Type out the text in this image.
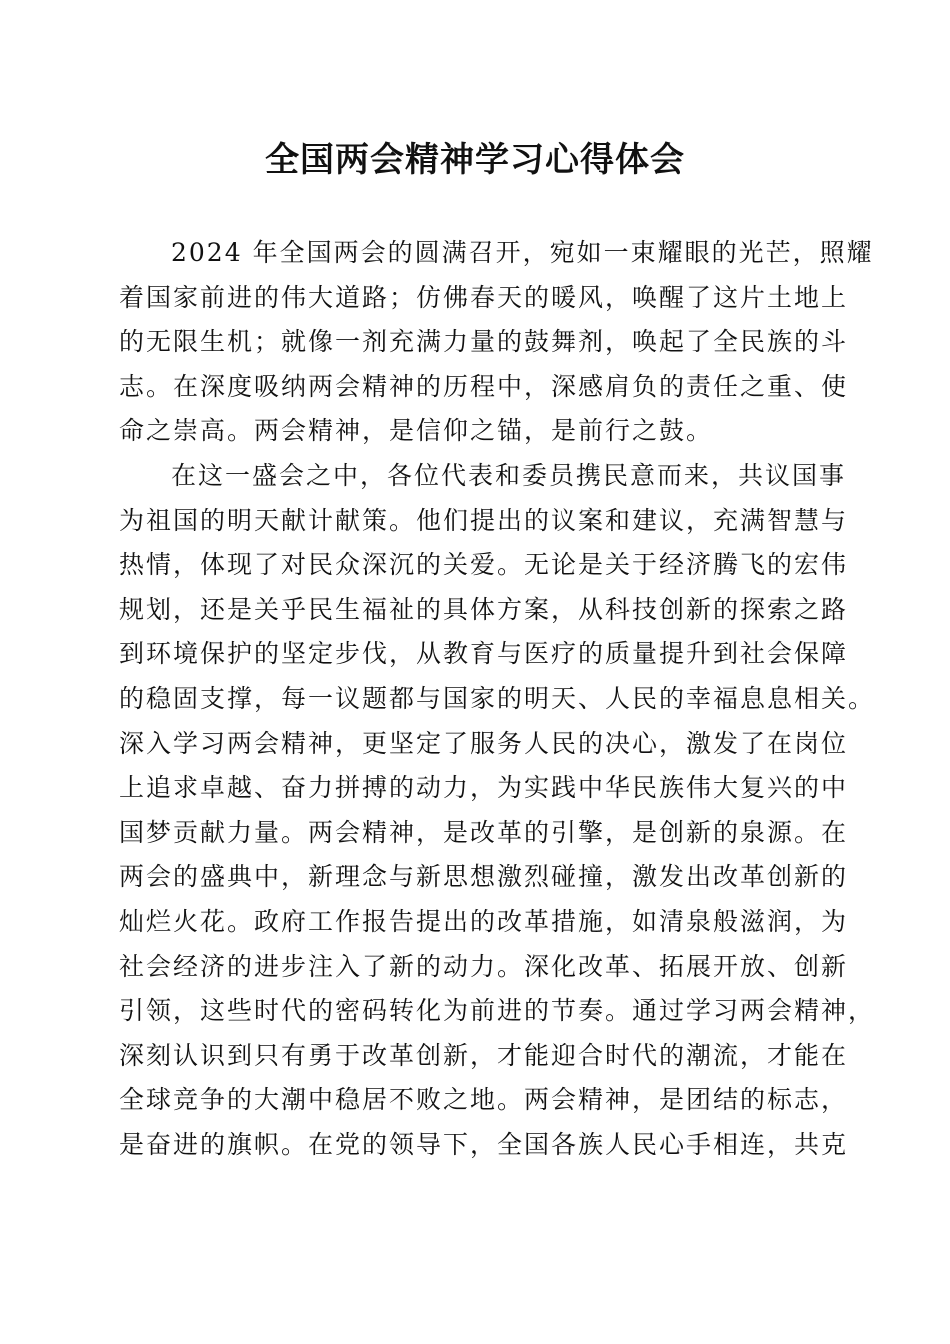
全国两会精神学习心得体会
2024 年全国两会的圆满召开，宛如一束耀眼的光芒，照耀
着国家前进的伟大道路；仿佛春天的暖风，唤醒了这片土地上
的无限生机；就像一剂充满力量的鼓舞剂，唤起了全民族的斗
志。在深度吸纳两会精神的历程中，深感肩负的责任之重、使
命之崇高。两会精神，是信仰之锚，是前行之鼓。
在这一盛会之中，各位代表和委员携民意而来，共议国事
为祖国的明天献计献策。他们提出的议案和建议，充满智慧与
热情，体现了对民众深沉的关爱。无论是关于经济腾飞的宏伟
规划，还是关乎民生福祉的具体方案，从科技创新的探索之路
到环境保护的坚定步伐，从教育与医疗的质量提升到社会保障
的稳固支撑，每一议题都与国家的明天、人民的幸福息息相关。
深入学习两会精神，更坚定了服务人民的决心，激发了在岗位
上追求卓越、奋力拼搏的动力，为实践中华民族伟大复兴的中
国梦贡献力量。两会精神，是改革的引擎，是创新的泉源。在
两会的盛典中，新理念与新思想激烈碰撞，激发出改革创新的
灿烂火花。政府工作报告提出的改革措施，如清泉般滋润，为
社会经济的进步注入了新的动力。深化改革、拓展开放、创新
引领，这些时代的密码转化为前进的节奏。通过学习两会精神，
深刻认识到只有勇于改革创新，才能迎合时代的潮流，才能在
全球竞争的大潮中稳居不败之地。两会精神，是团结的标志，
是奋进的旗帜。在党的领导下，全国各族人民心手相连，共克
